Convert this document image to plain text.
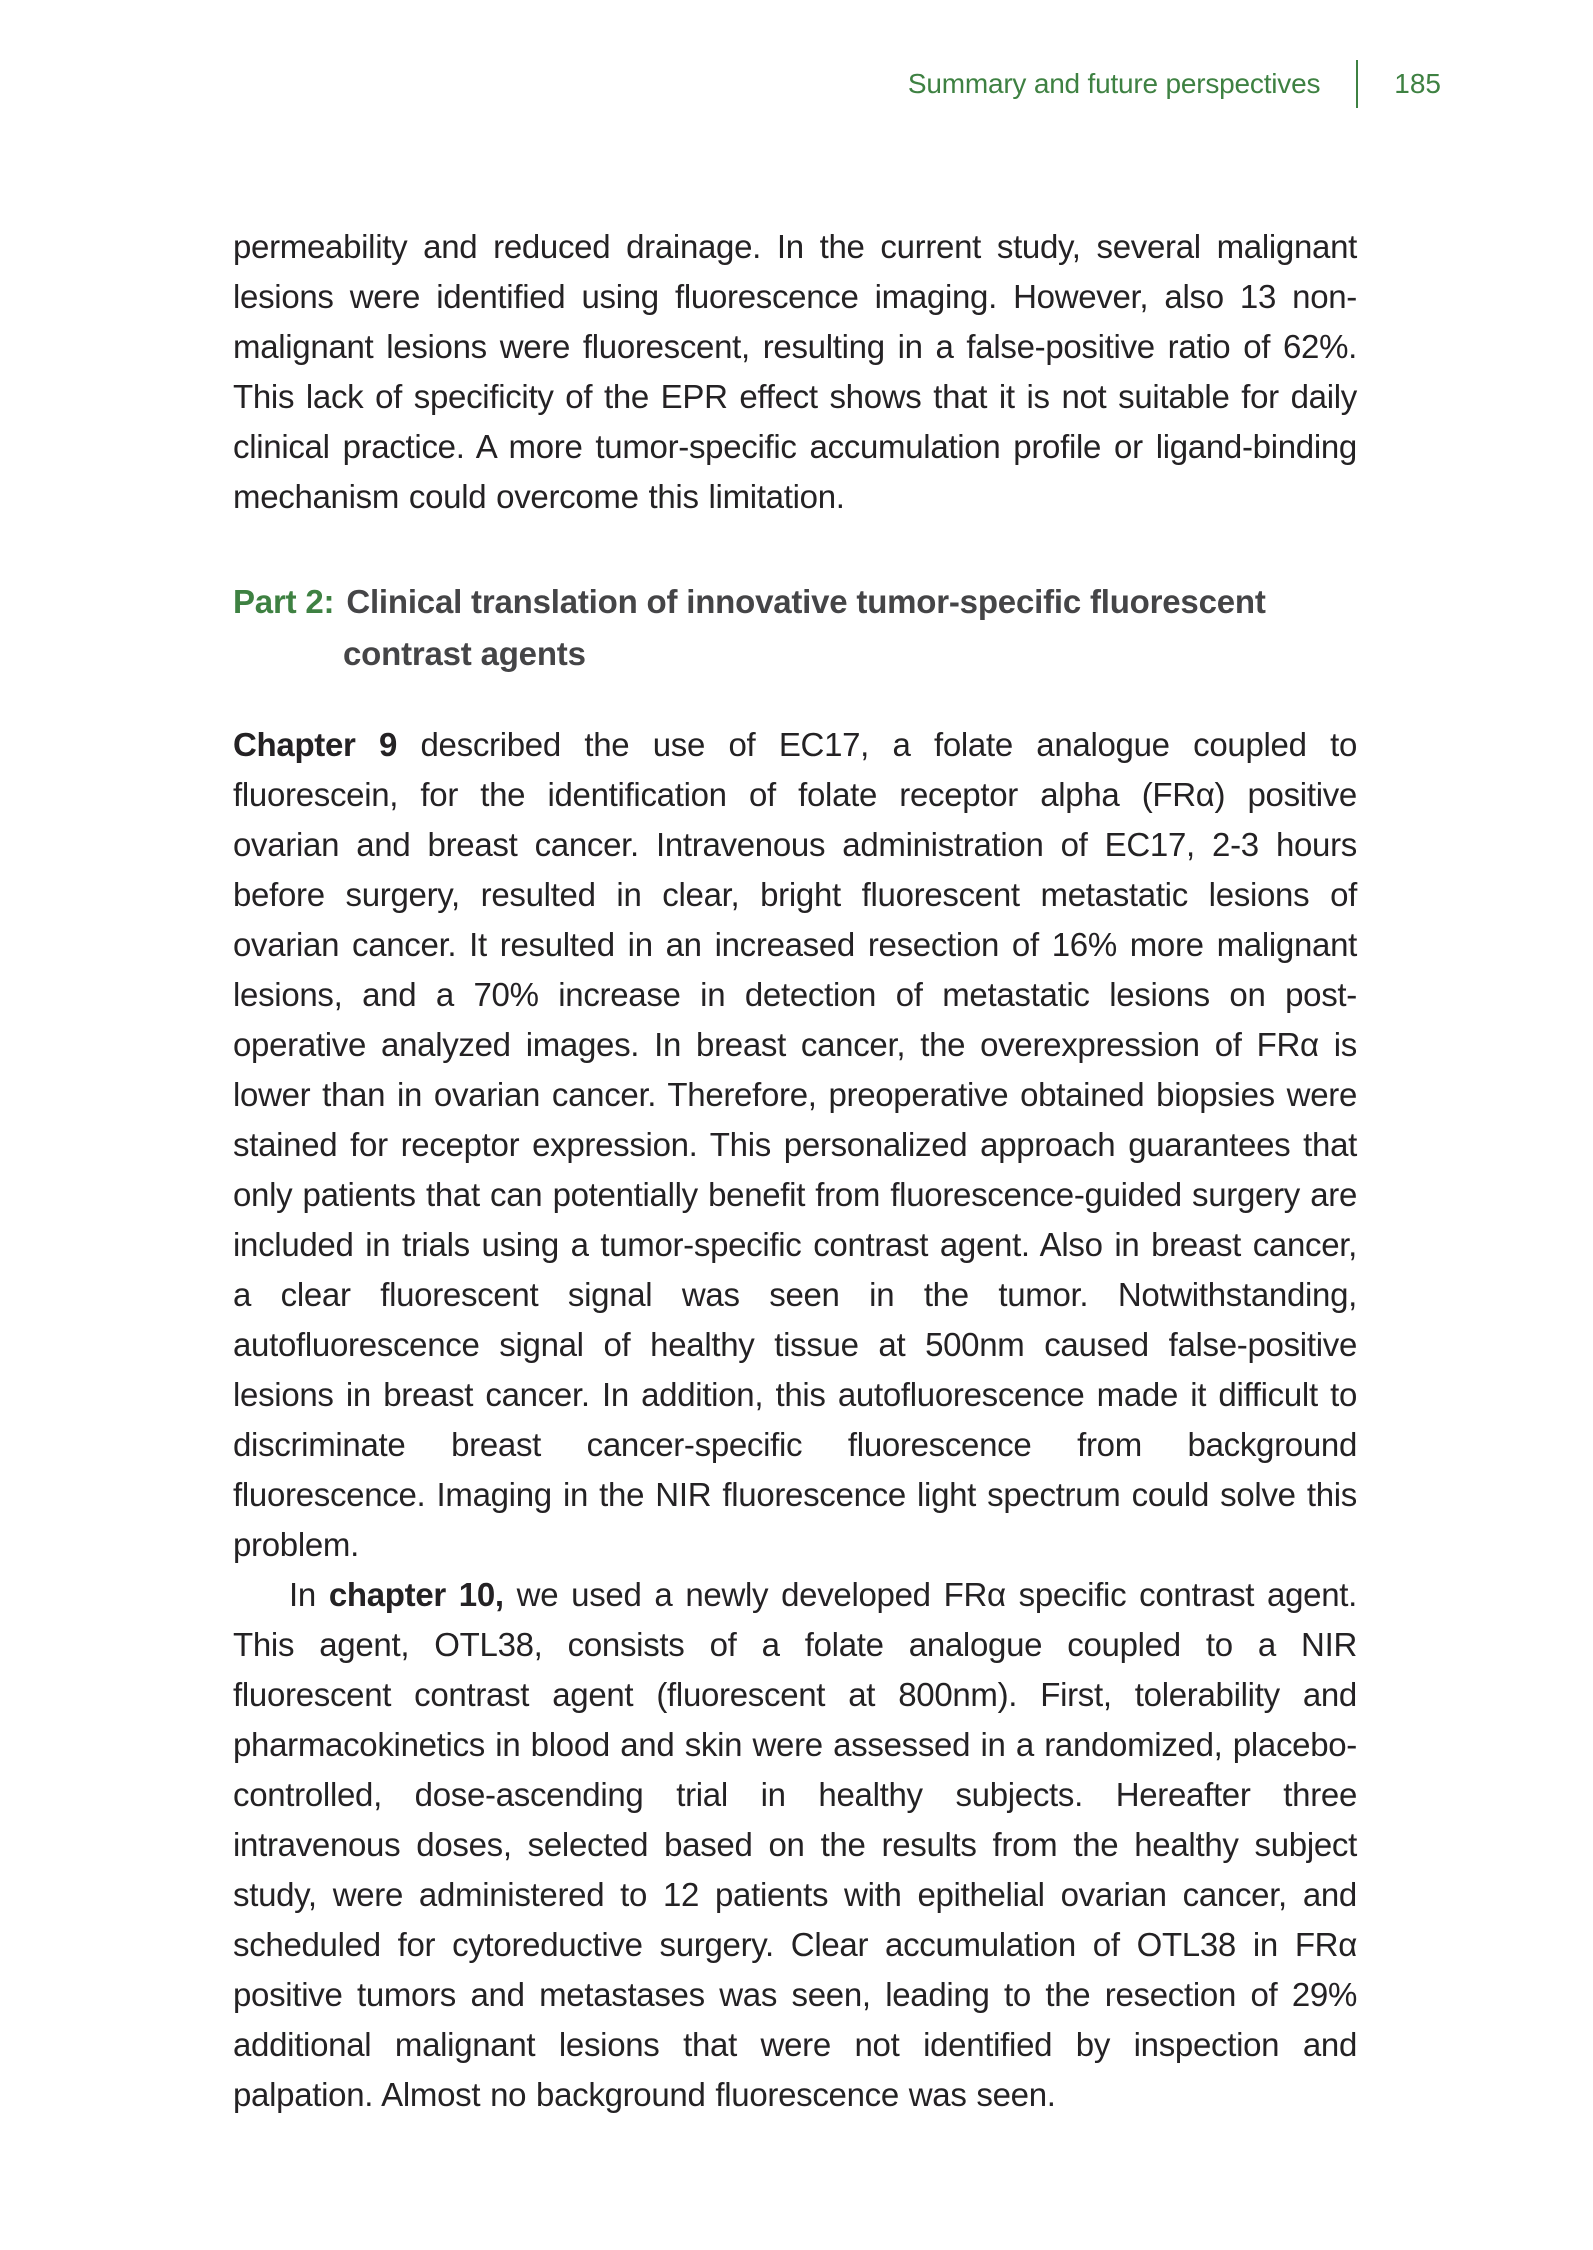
Summary and future perspectives	185

permeability and reduced drainage. In the current study, several malignant lesions were identified using fluorescence imaging. However, also 13 non-malignant lesions were fluorescent, resulting in a false-positive ratio of 62%. This lack of specificity of the EPR effect shows that it is not suitable for daily clinical practice. A more tumor-specific accumulation profile or ligand-binding mechanism could overcome this limitation.

Part 2: Clinical translation of innovative tumor-specific fluorescent contrast agents

Chapter 9 described the use of EC17, a folate analogue coupled to fluorescein, for the identification of folate receptor alpha (FRα) positive ovarian and breast cancer. Intravenous administration of EC17, 2-3 hours before surgery, resulted in clear, bright fluorescent metastatic lesions of ovarian cancer. It resulted in an increased resection of 16% more malignant lesions, and a 70% increase in detection of metastatic lesions on post-operative analyzed images. In breast cancer, the overexpression of FRα is lower than in ovarian cancer. Therefore, preoperative obtained biopsies were stained for receptor expression. This personalized approach guarantees that only patients that can potentially benefit from fluorescence-guided surgery are included in trials using a tumor-specific contrast agent. Also in breast cancer, a clear fluorescent signal was seen in the tumor. Notwithstanding, autofluorescence signal of healthy tissue at 500nm caused false-positive lesions in breast cancer. In addition, this autofluorescence made it difficult to discriminate breast cancer-specific fluorescence from background fluorescence. Imaging in the NIR fluorescence light spectrum could solve this problem.

In chapter 10, we used a newly developed FRα specific contrast agent. This agent, OTL38, consists of a folate analogue coupled to a NIR fluorescent contrast agent (fluorescent at 800nm). First, tolerability and pharmacokinetics in blood and skin were assessed in a randomized, placebo-controlled, dose-ascending trial in healthy subjects. Hereafter three intravenous doses, selected based on the results from the healthy subject study, were administered to 12 patients with epithelial ovarian cancer, and scheduled for cytoreductive surgery. Clear accumulation of OTL38 in FRα positive tumors and metastases was seen, leading to the resection of 29% additional malignant lesions that were not identified by inspection and palpation. Almost no background fluorescence was seen.
